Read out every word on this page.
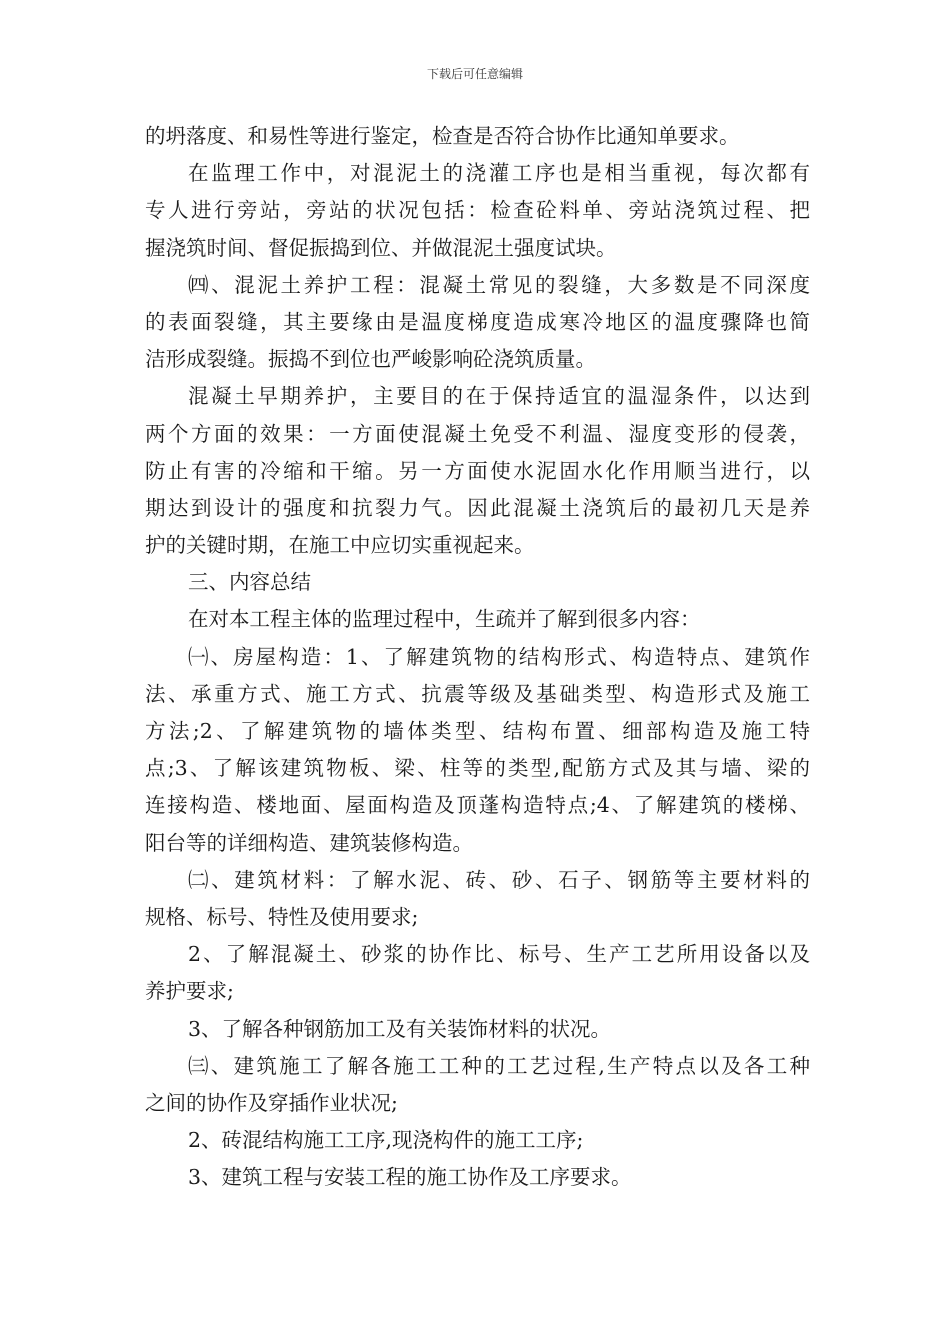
下载后可任意编辑
的坍落度、和易性等进行鉴定，检查是否符合协作比通知单要求。
在监理工作中，对混泥土的浇灌工序也是相当重视，每次都有
专人进行旁站，旁站的状况包括：检查砼料单、旁站浇筑过程、把
握浇筑时间、督促振捣到位、并做混泥土强度试块。
㈣、混泥土养护工程：混凝土常见的裂缝，大多数是不同深度
的表面裂缝，其主要缘由是温度梯度造成寒冷地区的温度骤降也简
洁形成裂缝。振捣不到位也严峻影响砼浇筑质量。
混凝土早期养护，主要目的在于保持适宜的温湿条件，以达到
两个方面的效果：一方面使混凝土免受不利温、湿度变形的侵袭，
防止有害的冷缩和干缩。另一方面使水泥固水化作用顺当进行，以
期达到设计的强度和抗裂力气。因此混凝土浇筑后的最初几天是养
护的关键时期，在施工中应切实重视起来。
三、内容总结
在对本工程主体的监理过程中，生疏并了解到很多内容：
㈠、房屋构造：1、了解建筑物的结构形式、构造特点、建筑作
法、承重方式、施工方式、抗震等级及基础类型、构造形式及施工
方法;2、了解建筑物的墙体类型、结构布置、细部构造及施工特
点;3、了解该建筑物板、梁、柱等的类型,配筋方式及其与墙、梁的
连接构造、楼地面、屋面构造及顶蓬构造特点;4、了解建筑的楼梯、
阳台等的详细构造、建筑装修构造。
㈡、建筑材料：了解水泥、砖、砂、石子、钢筋等主要材料的
规格、标号、特性及使用要求;
2、了解混凝土、砂浆的协作比、标号、生产工艺所用设备以及
养护要求;
3、了解各种钢筋加工及有关装饰材料的状况。
㈢、建筑施工了解各施工工种的工艺过程,生产特点以及各工种
之间的协作及穿插作业状况;
2、砖混结构施工工序,现浇构件的施工工序;
3、建筑工程与安装工程的施工协作及工序要求。
